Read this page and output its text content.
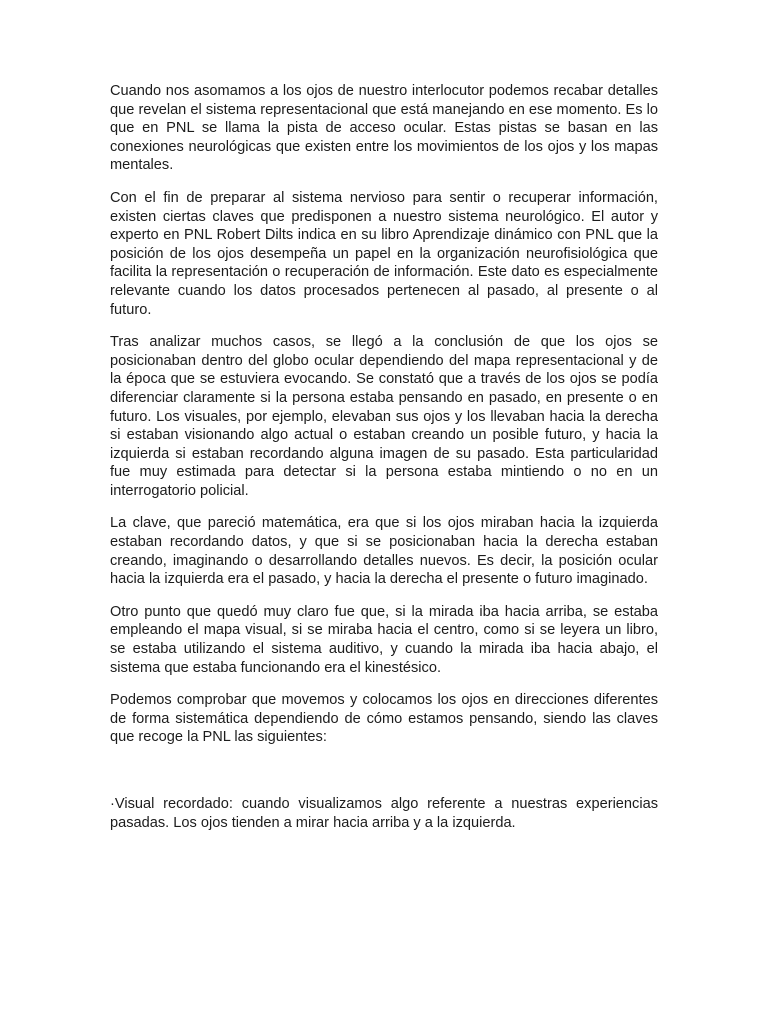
Cuando nos asomamos a los ojos de nuestro interlocutor podemos recabar detalles que revelan el sistema representacional que está manejando en ese momento. Es lo que en PNL se llama la pista de acceso ocular. Estas pistas se basan en las conexiones neurológicas que existen entre los movimientos de los ojos y los mapas mentales.

Con el fin de preparar al sistema nervioso para sentir o recuperar información, existen ciertas claves que predisponen a nuestro sistema neurológico. El autor y experto en PNL Robert Dilts indica en su libro Aprendizaje dinámico con PNL que la posición de los ojos desempeña un papel en la organización neurofisiológica que facilita la representación o recuperación de información. Este dato es especialmente relevante cuando los datos procesados pertenecen al pasado, al presente o al futuro.

Tras analizar muchos casos, se llegó a la conclusión de que los ojos se posicionaban dentro del globo ocular dependiendo del mapa representacional y de la época que se estuviera evocando. Se constató que a través de los ojos se podía diferenciar claramente si la persona estaba pensando en pasado, en presente o en futuro. Los visuales, por ejemplo, elevaban sus ojos y los llevaban hacia la derecha si estaban visionando algo actual o estaban creando un posible futuro, y hacia la izquierda si estaban recordando alguna imagen de su pasado. Esta particularidad fue muy estimada para detectar si la persona estaba mintiendo o no en un interrogatorio policial.

La clave, que pareció matemática, era que si los ojos miraban hacia la izquierda estaban recordando datos, y que si se posicionaban hacia la derecha estaban creando, imaginando o desarrollando detalles nuevos. Es decir, la posición ocular hacia la izquierda era el pasado, y hacia la derecha el presente o futuro imaginado.

Otro punto que quedó muy claro fue que, si la mirada iba hacia arriba, se estaba empleando el mapa visual, si se miraba hacia el centro, como si se leyera un libro, se estaba utilizando el sistema auditivo, y cuando la mirada iba hacia abajo, el sistema que estaba funcionando era el kinestésico.

Podemos comprobar que movemos y colocamos los ojos en direcciones diferentes de forma sistemática dependiendo de cómo estamos pensando, siendo las claves que recoge la PNL las siguientes:

·Visual recordado: cuando visualizamos algo referente a nuestras experiencias pasadas. Los ojos tienden a mirar hacia arriba y a la izquierda.
